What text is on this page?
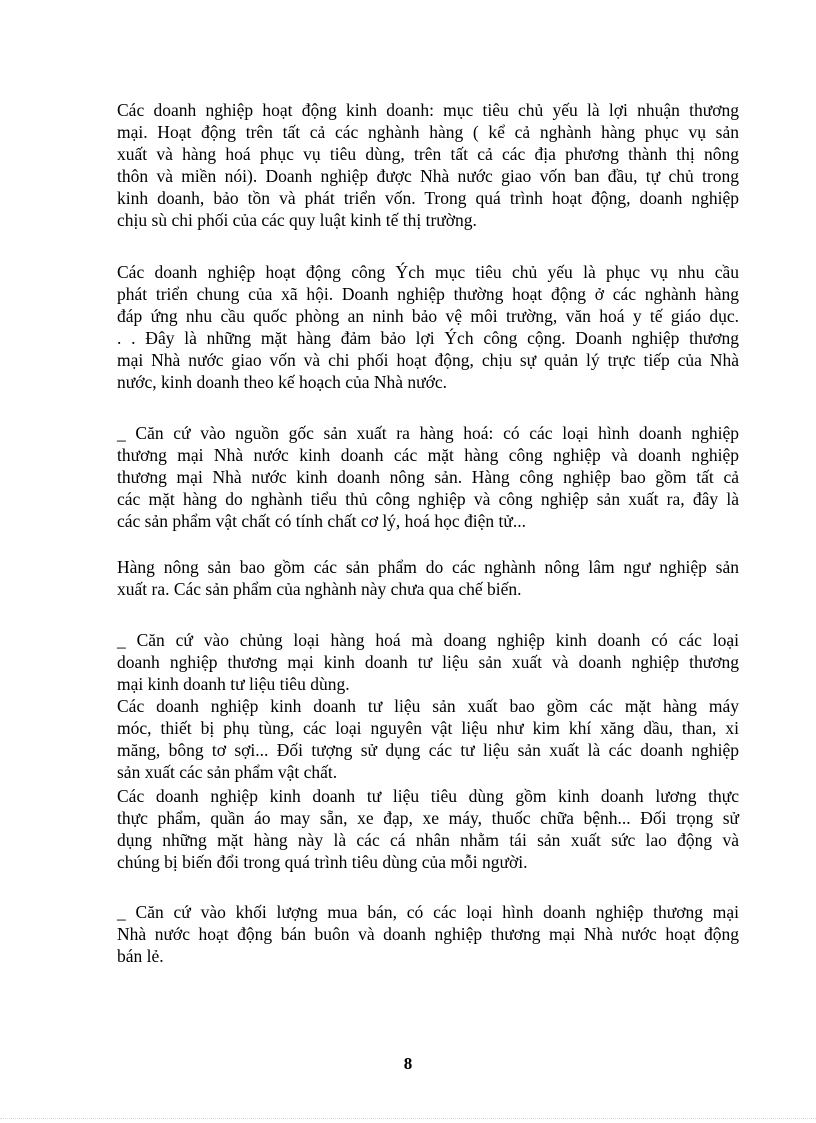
Các doanh nghiệp hoạt động kinh doanh: mục tiêu chủ yếu là lợi nhuận thương
mại. Hoạt động trên tất cả các nghành hàng ( kể cả nghành hàng phục vụ sản
xuất và hàng hoá phục vụ tiêu dùng, trên tất cả các địa phương thành thị nông
thôn và miền nói). Doanh nghiệp được Nhà nước giao vốn ban đầu, tự chủ trong
kinh doanh, bảo tồn và phát triển vốn. Trong quá trình hoạt động, doanh nghiệp
chịu sù chi phối của các quy luật kinh tế thị trường.
Các doanh nghiệp hoạt động công Ých mục tiêu chủ yếu là phục vụ nhu cầu
phát triển chung của xã hội. Doanh nghiệp thường hoạt động ở các nghành hàng
đáp ứng nhu cầu quốc phòng an ninh bảo vệ môi trường, văn hoá y tế giáo dục.
. . Đây là những mặt hàng đảm bảo lợi Ých công cộng. Doanh nghiệp thương
mại Nhà nước giao vốn và chi phối hoạt động, chịu sự quản lý trực tiếp của Nhà
nước, kinh doanh theo kế hoạch của Nhà nước.
_ Căn cứ vào nguồn gốc sản xuất ra hàng hoá: có các loại hình doanh nghiệp
thương mại Nhà nước kinh doanh các mặt hàng công nghiệp và doanh nghiệp
thương mại Nhà nước kinh doanh nông sản. Hàng công nghiệp bao gồm tất cả
các mặt hàng do nghành tiểu thủ công nghiệp và công nghiệp sản xuất ra, đây là
các sản phẩm vật chất có tính chất cơ lý, hoá học điện tử...
Hàng nông sản bao gồm các sản phẩm do các nghành nông lâm ngư nghiệp sản
xuất ra. Các sản phẩm của nghành này chưa qua chế biến.
_ Căn cứ vào chủng loại hàng hoá mà doang nghiệp kinh doanh có các loại
doanh nghiệp thương mại kinh doanh tư liệu sản xuất và doanh nghiệp thương
mại kinh doanh tư liệu tiêu dùng.
Các doanh nghiệp kinh doanh tư liệu sản xuất bao gồm các mặt hàng máy
móc, thiết bị phụ tùng, các loại nguyên vật liệu như kim khí xăng dầu, than, xi
măng, bông tơ sợi... Đối tượng sử dụng các tư liệu sản xuất là các doanh nghiệp
sản xuất các sản phẩm vật chất.
Các doanh nghiệp kinh doanh tư liệu tiêu dùng gồm kinh doanh lương thực
thực phẩm, quần áo may sẵn, xe đạp, xe máy, thuốc chữa bệnh... Đối trọng sử
dụng những mặt hàng này là các cá nhân nhằm tái sản xuất sức lao động và
chúng bị biến đổi trong quá trình tiêu dùng của mỗi người.
_ Căn cứ vào khối lượng mua bán, có các loại hình doanh nghiệp thương mại
Nhà nước hoạt động bán buôn và doanh nghiệp thương mại Nhà nước hoạt động
bán lẻ.
8
